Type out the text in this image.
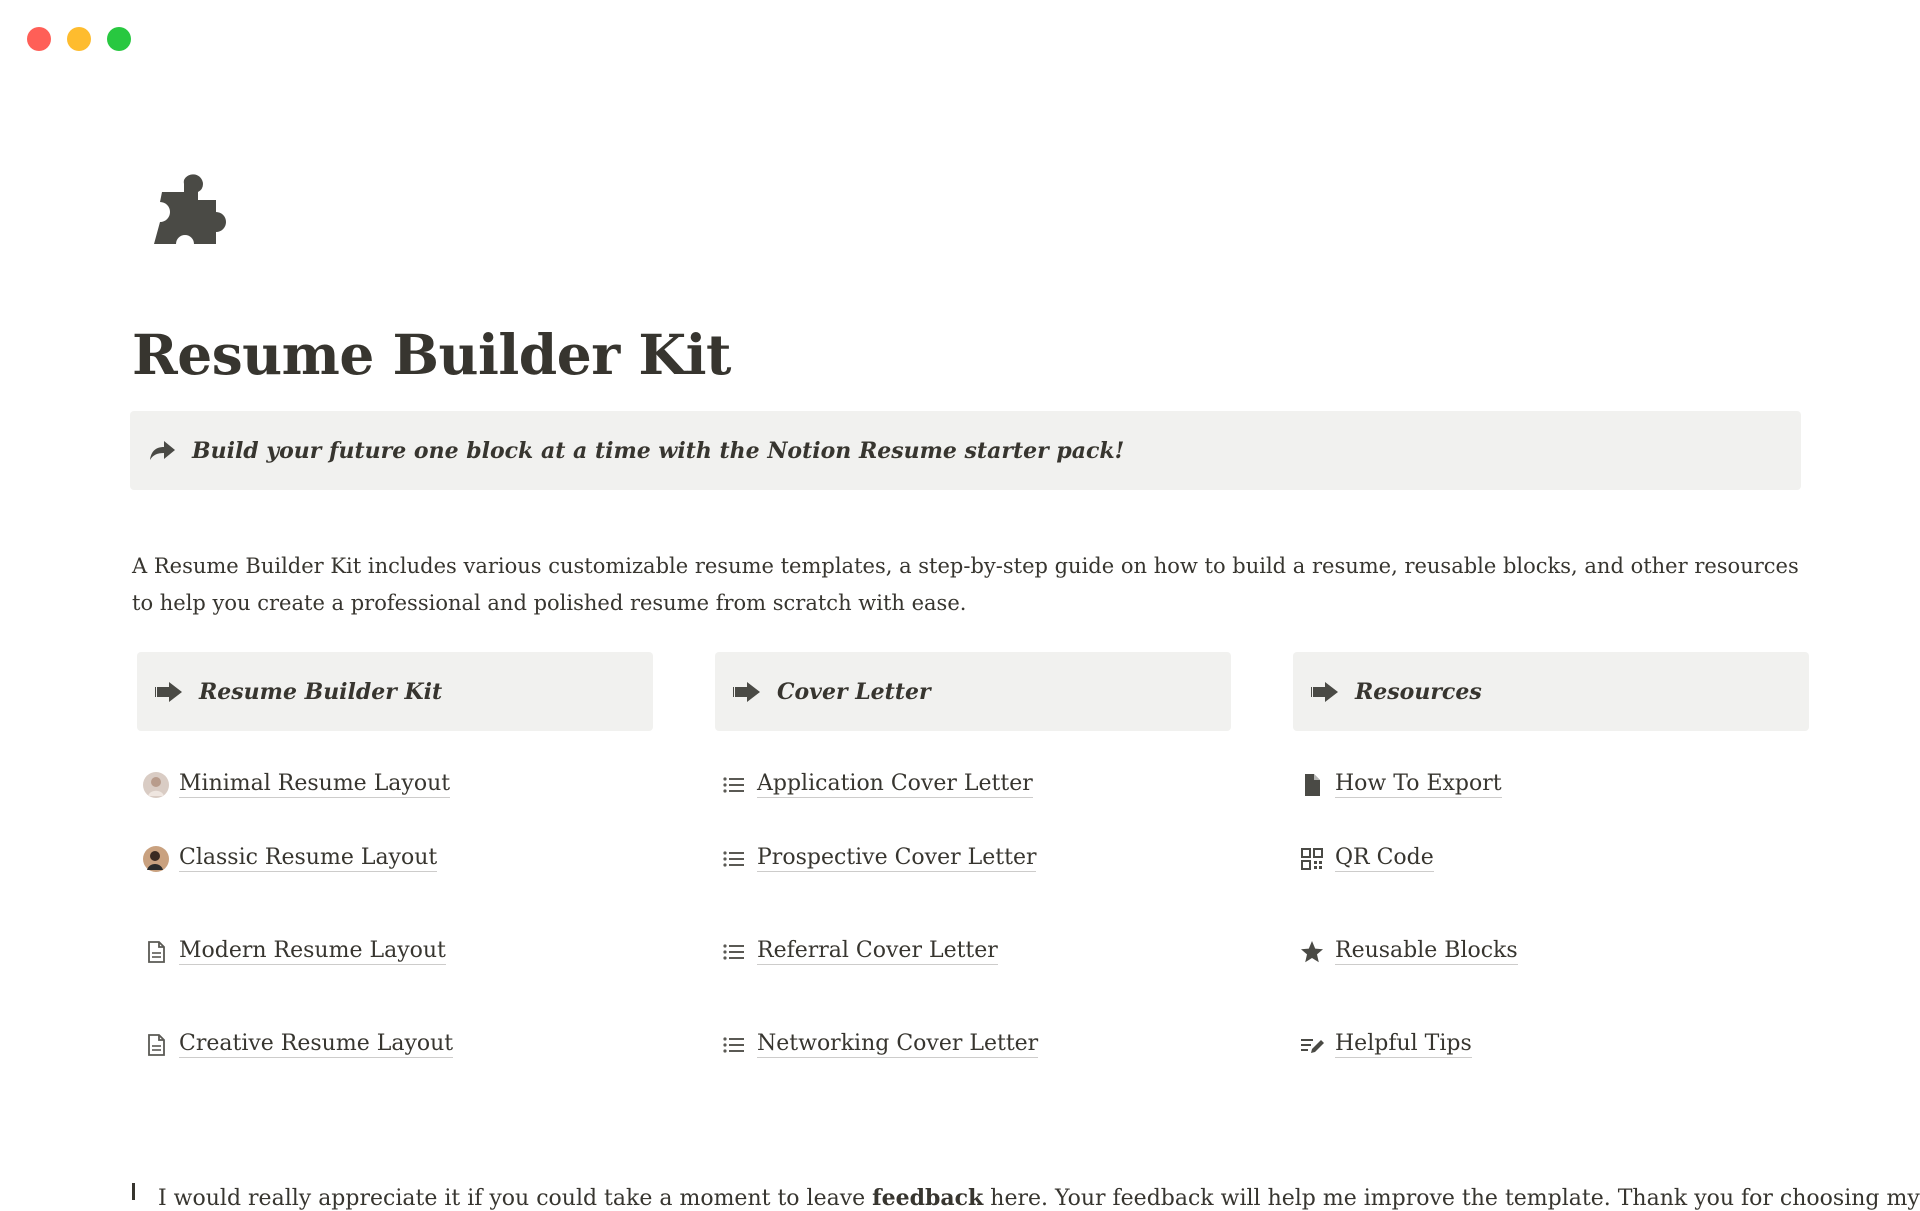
Resume Builder Kit
Build your future one block at a time with the Notion Resume starter pack!

A Resume Builder Kit includes various customizable resume templates, a step-by-step guide on how to build a resume, reusable blocks, and other resources to help you create a professional and polished resume from scratch with ease.

Resume Builder Kit
Minimal Resume Layout
Classic Resume Layout
Modern Resume Layout
Creative Resume Layout
Cover Letter
Application Cover Letter
Prospective Cover Letter
Referral Cover Letter
Networking Cover Letter
Resources
How To Export
QR Code
Reusable Blocks
Helpful Tips
I would really appreciate it if you could take a moment to leave feedback here. Your feedback will help me improve the template. Thank you for choosing my
